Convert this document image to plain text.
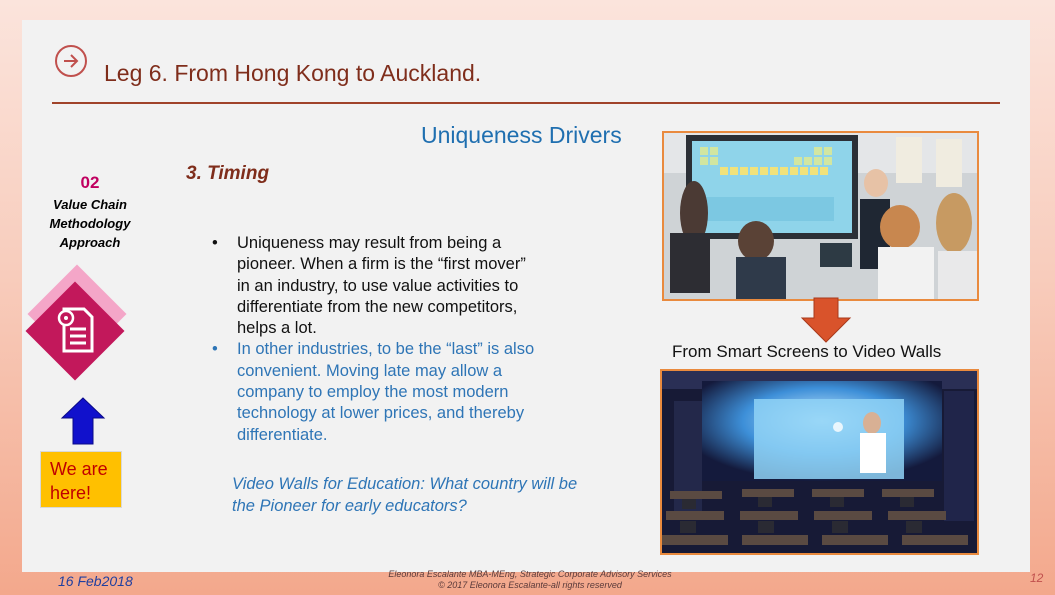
Leg 6. From Hong Kong to Auckland.
Uniqueness Drivers
02
Value Chain
Methodology
Approach
We are
here!
3. Timing
• Uniqueness may result from being a
pioneer. When a firm is the “first mover”
in an industry, to use value activities to
differentiate from the new competitors,
helps a lot.
• In other industries, to be the “last” is also
convenient. Moving late may allow a
company to employ the most modern
technology at lower prices, and thereby
differentiate.
Video Walls for Education: What country will be
the Pioneer for early educators?
From Smart Screens to Video Walls
16 Feb2018	Eleonora Escalante MBA-MEng, Strategic Corporate Advisory Services
© 2017 Eleonora Escalante-all rights reserved	12
